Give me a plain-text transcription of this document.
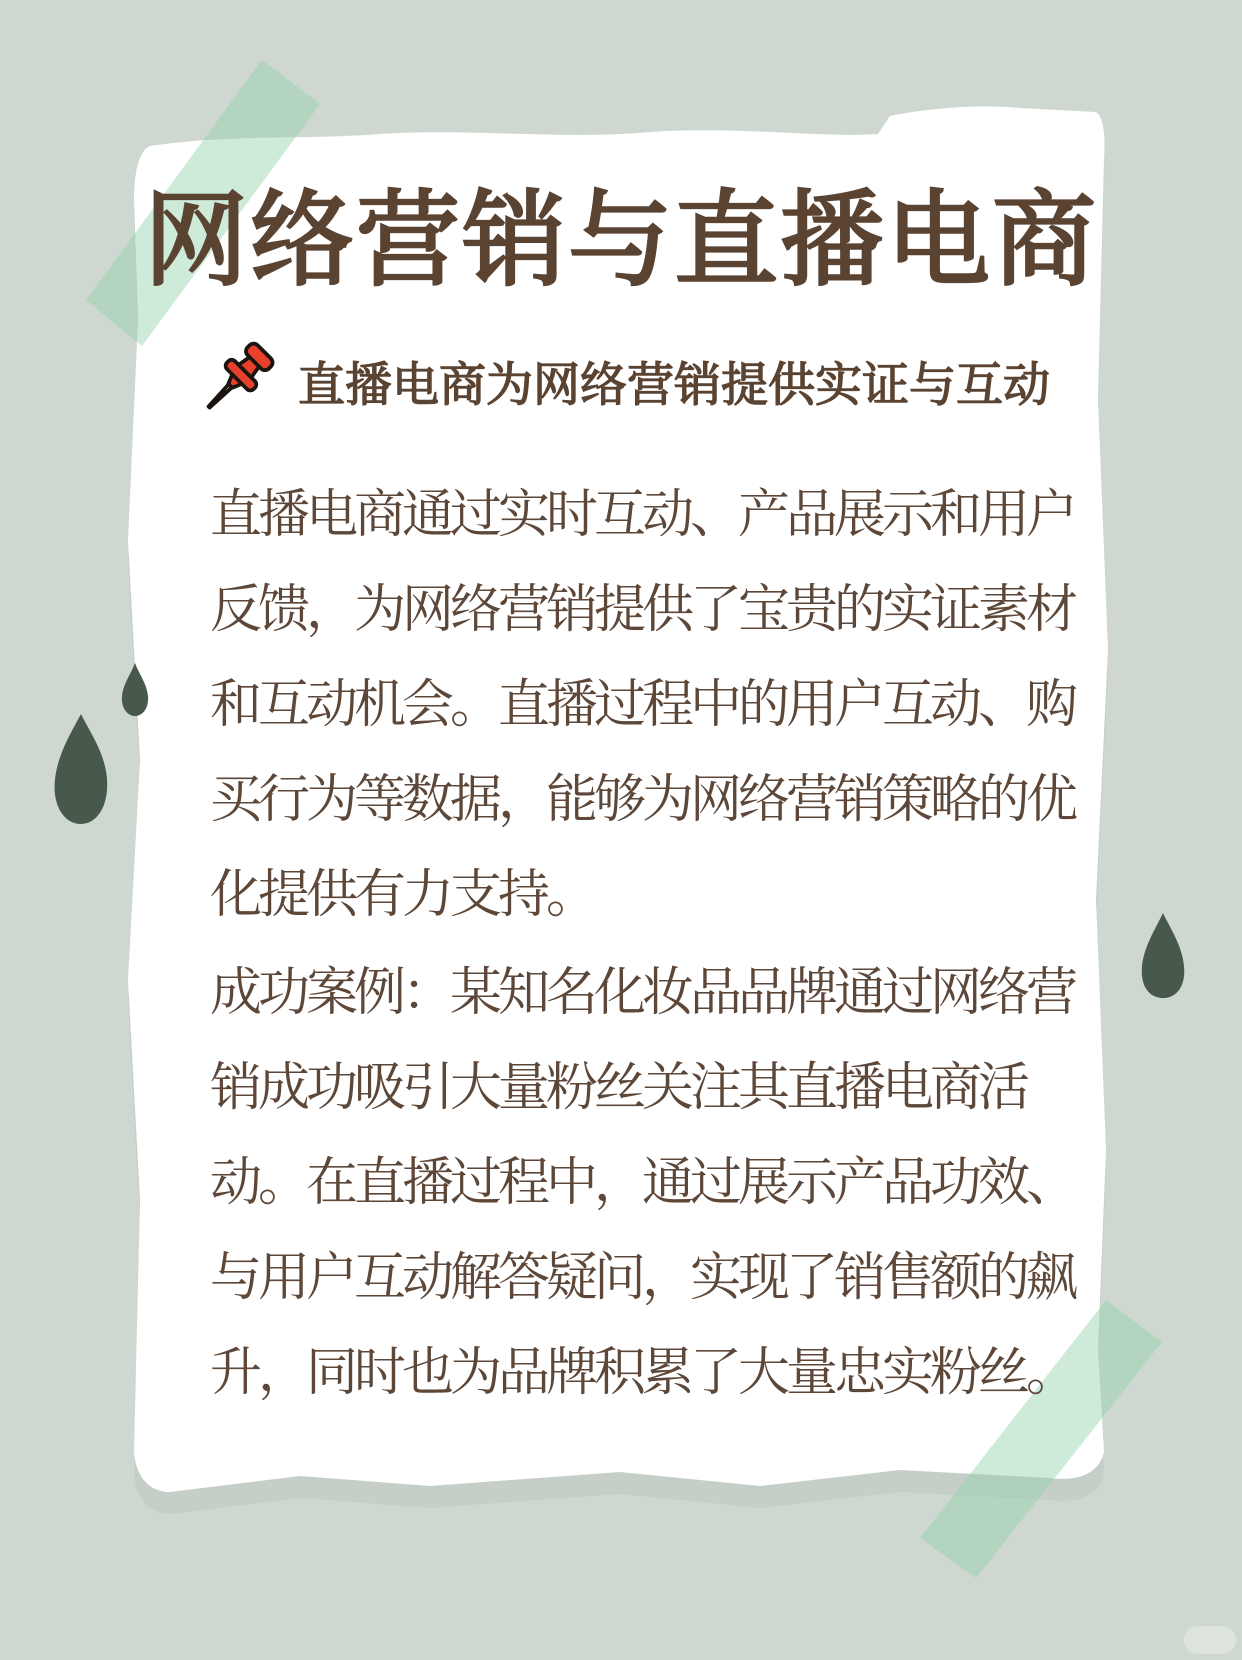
网络营销与直播电商
直播电商为网络营销提供实证与互动
直播电商通过实时互动、产品展示和用户
反馈，为网络营销提供了宝贵的实证素材
和互动机会。直播过程中的用户互动、购
买行为等数据，能够为网络营销策略的优
化提供有力支持。
成功案例：某知名化妆品品牌通过网络营
销成功吸引大量粉丝关注其直播电商活
动。在直播过程中，通过展示产品功效、
与用户互动解答疑问，实现了销售额的飙
升，同时也为品牌积累了大量忠实粉丝。
